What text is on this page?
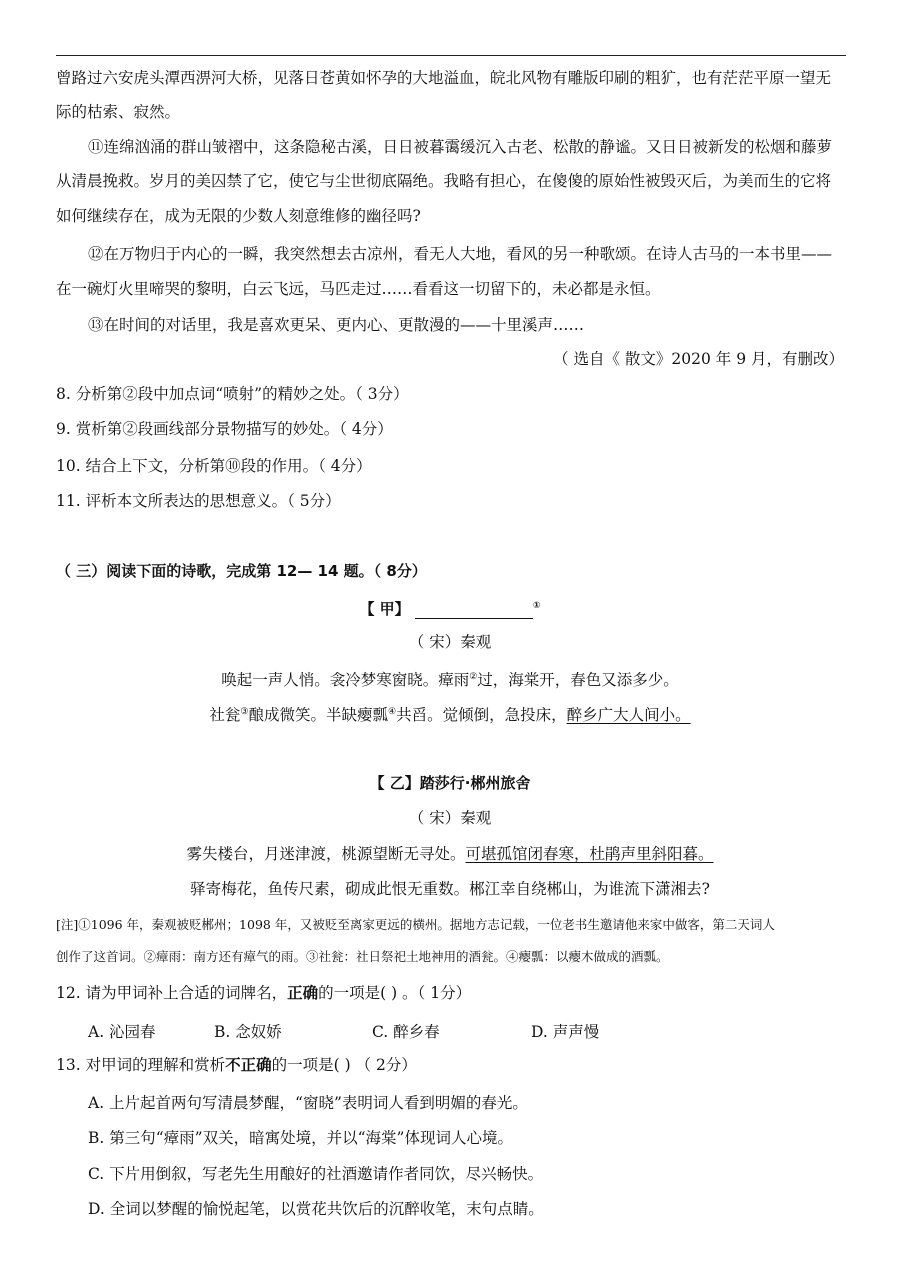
曾路过六安虎头潭西淠河大桥，见落日苍黄如怀孕的大地溢血，皖北风物有雕版印刷的粗犷，也有茫茫平原一望无
际的枯索、寂然。
⑪连绵汹涌的群山皱褶中，这条隐秘古溪，日日被暮霭缓沉入古老、松散的静谧。又日日被新发的松烟和藤萝
从清晨挽救。岁月的美囚禁了它，使它与尘世彻底隔绝。我略有担心，在傻傻的原始性被毁灭后，为美而生的它将
如何继续存在，成为无限的少数人刻意维修的幽径吗?
⑫在万物归于内心的一瞬，我突然想去古凉州，看无人大地，看风的另一种歌颂。在诗人古马的一本书里——
在一碗灯火里啼哭的黎明，白云飞远，马匹走过……看看这一切留下的，未必都是永恒。
⑬在时间的对话里，我是喜欢更呆、更内心、更散漫的——十里溪声……
（ 选自《 散文》2020 年 9 月，有删改）
8. 分析第②段中加点词“喷射”的精妙之处。（ 3分）
9. 赏析第②段画线部分景物描写的妙处。（ 4分）
10. 结合上下文，分析第⑩段的作用。（ 4分）
11. 评析本文所表达的思想意义。（ 5分）
（ 三）阅读下面的诗歌，完成第 12— 14 题。（ 8分）
【 甲】	①
（ 宋）秦观
唤起一声人悄。衾冷梦寒窗晓。瘴雨②过，海棠开，春色又添多少。
社瓮③酿成微笑。半缺瘿瓢④共舀。觉倾倒，急投床，醉乡广大人间小。
【 乙】踏莎行·郴州旅舍
（ 宋）秦观
雾失楼台，月迷津渡，桃源望断无寻处。可堪孤馆闭春寒，杜鹃声里斜阳暮。
驿寄梅花，鱼传尺素，砌成此恨无重数。郴江幸自绕郴山，为谁流下潇湘去?
[注]①1096 年，秦观被贬郴州；1098 年，又被贬至离家更远的横州。据地方志记载，一位老书生邀请他来家中做客，第二天词人
创作了这首词。②瘴雨：南方还有瘴气的雨。③社瓮：社日祭祀土地神用的酒瓮。④瘿瓢：以瘿木做成的酒瓢。
12. 请为甲词补上合适的词牌名，正确的一项是( ) 。（ 1分）
A. 沁园春	B. 念奴娇	C. 醉乡春	D. 声声慢
13. 对甲词的理解和赏析不正确的一项是( ) （ 2分）
A. 上片起首两句写清晨梦醒，“窗晓”表明词人看到明媚的春光。
B. 第三句“瘴雨”双关，暗寓处境，并以“海棠”体现词人心境。
C. 下片用倒叙，写老先生用酿好的社酒邀请作者同饮，尽兴畅快。
D. 全词以梦醒的愉悦起笔，以赏花共饮后的沉醉收笔，末句点睛。
